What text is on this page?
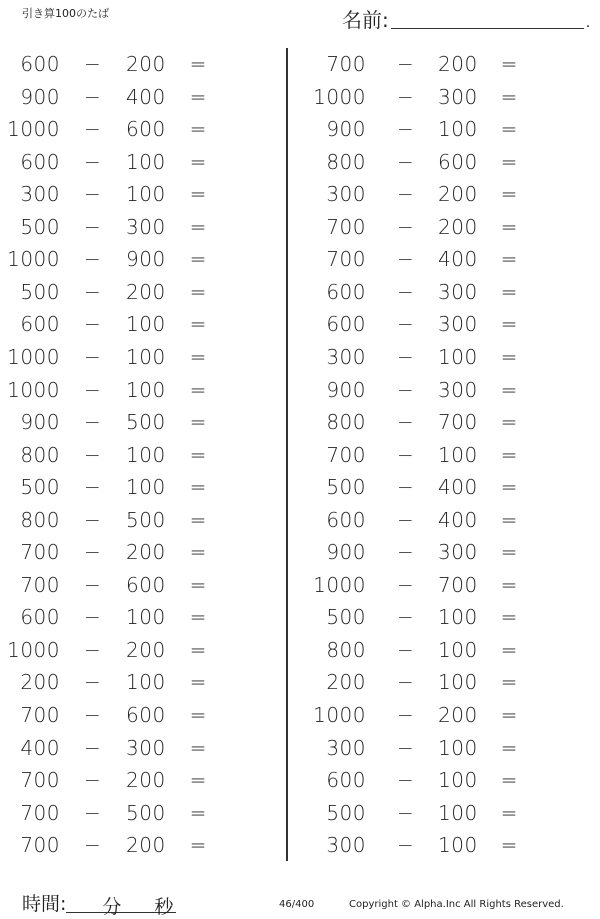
引き算100のたば	名前:	.
600 − 200 =
900 − 400 =
1000 − 600 =
600 − 100 =
300 − 100 =
500 − 300 =
1000 − 900 =
500 − 200 =
600 − 100 =
1000 − 100 =
1000 − 100 =
900 − 500 =
800 − 100 =
500 − 100 =
800 − 500 =
700 − 200 =
700 − 600 =
600 − 100 =
1000 − 200 =
200 − 100 =
700 − 600 =
400 − 300 =
700 − 200 =
700 − 500 =
700 − 200 =
700 − 200 =
1000 − 300 =
900 − 100 =
800 − 600 =
300 − 200 =
700 − 200 =
700 − 400 =
600 − 300 =
600 − 300 =
300 − 100 =
900 − 300 =
800 − 700 =
700 − 100 =
500 − 400 =
600 − 400 =
900 − 300 =
1000 − 700 =
500 − 100 =
800 − 100 =
200 − 100 =
1000 − 200 =
300 − 100 =
600 − 100 =
500 − 100 =
300 − 100 =
時間: 分 秒	46/400	Copyright © Alpha.Inc All Rights Reserved.
